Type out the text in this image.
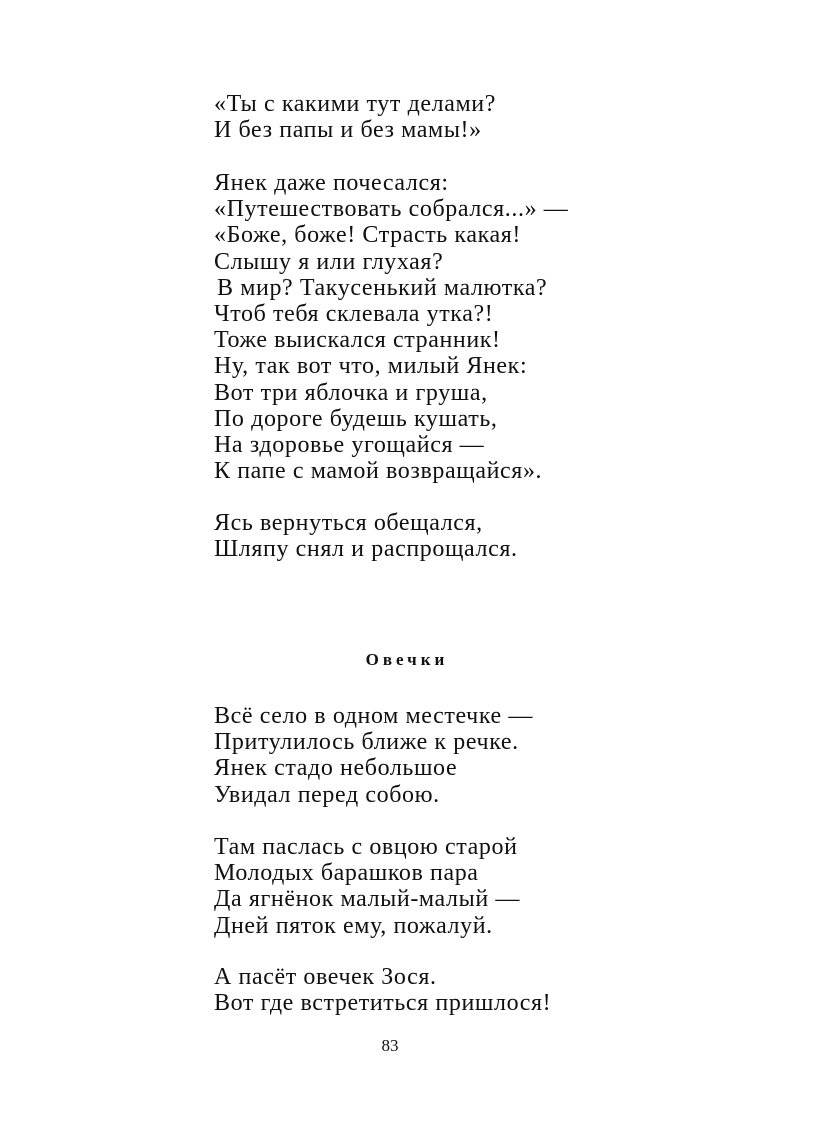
«Ты с какими тут делами?
И без папы и без мамы!»
Янек даже почесался:
«Путешествовать собрался...» —
«Боже, боже! Страсть какая!
Слышу я или глухая?
В мир? Такусенький малютка?
Чтоб тебя склевала утка?!
Тоже выискался странник!
Ну, так вот что, милый Янек:
Вот три яблочка и груша,
По дороге будешь кушать,
На здоровье угощайся —
К папе с мамой возвращайся».
Ясь вернуться обещался,
Шляпу снял и распрощался.
Овечки
Всё село в одном местечке —
Притулилось ближе к речке.
Янек стадо небольшое
Увидал перед собою.
Там паслась с овцою старой
Молодых барашков пара
Да ягнёнок малый-малый —
Дней пяток ему, пожалуй.
А пасёт овечек Зося.
Вот где встретиться пришлося!
83
